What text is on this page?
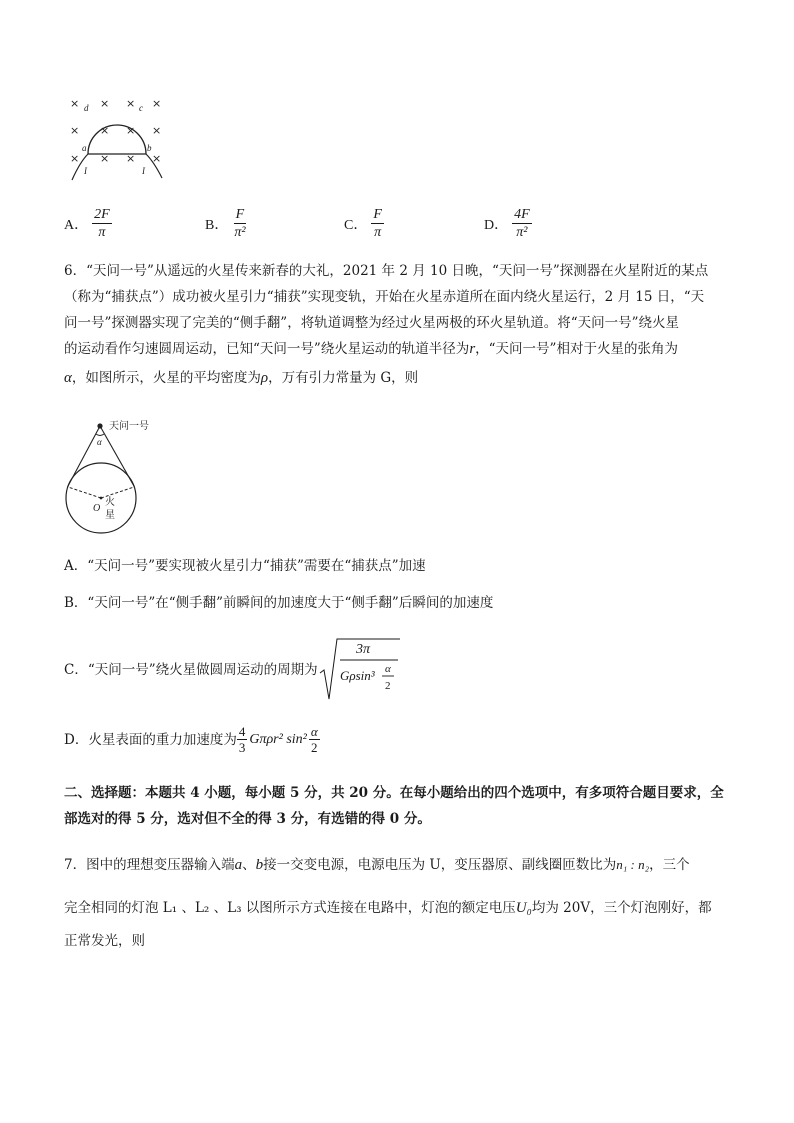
× × × ×
× × × ×
× × × ×
d	c
a	b
I	I
A． $\frac{2F}{\pi}$	B． $\frac{F}{\text{π²}}$	C． $\frac{F}{\pi}$	D． $\frac{4F}{\text{π²}}$
6．“天问一号”从遥远的火星传来新春的大礼，2021 年 2 月 10 日晚，“天问一号”探测器在火星附近的某点
（称为“捕获点”）成功被火星引力“捕获”实现变轨，开始在火星赤道所在面内绕火星运行，2 月 15 日，“天
问一号”探测器实现了完美的“侧手翻”，将轨道调整为经过火星两极的环火星轨道。将“天问一号”绕火星
的运动看作匀速圆周运动，已知“天问一号”绕火星运动的轨道半径为r，“天问一号”相对于火星的张角为
α，如图所示，火星的平均密度为ρ，万有引力常量为 G，则
α
天问一号
O
火
星
A．“天问一号”要实现被火星引力“捕获”需要在“捕获点”加速
B．“天问一号”在“侧手翻”前瞬间的加速度大于“侧手翻”后瞬间的加速度
C．“天问一号”绕火星做圆周运动的周期为
3π
Gρsin³ α
2
D．火星表面的重力加速度为 $\frac{4}{3} G\pi\rho r^2$ $\sin^2 \frac{\alpha}{2}$
二、选择题：本题共 4 小题，每小题 5 分，共 20 分。在每小题给出的四个选项中，有多项符合题目要求，全
部选对的得 5 分，选对但不全的得 3 分，有选错的得 0 分。
7．图中的理想变压器输入端a、b接一交变电源，电源电压为 U，变压器原、副线圈匝数比为n₁ : n₂，三个
完全相同的灯泡 L₁ 、L₂ 、L₃ 以图所示方式连接在电路中，灯泡的额定电压U₀均为 20V，三个灯泡刚好，都
正常发光，则
